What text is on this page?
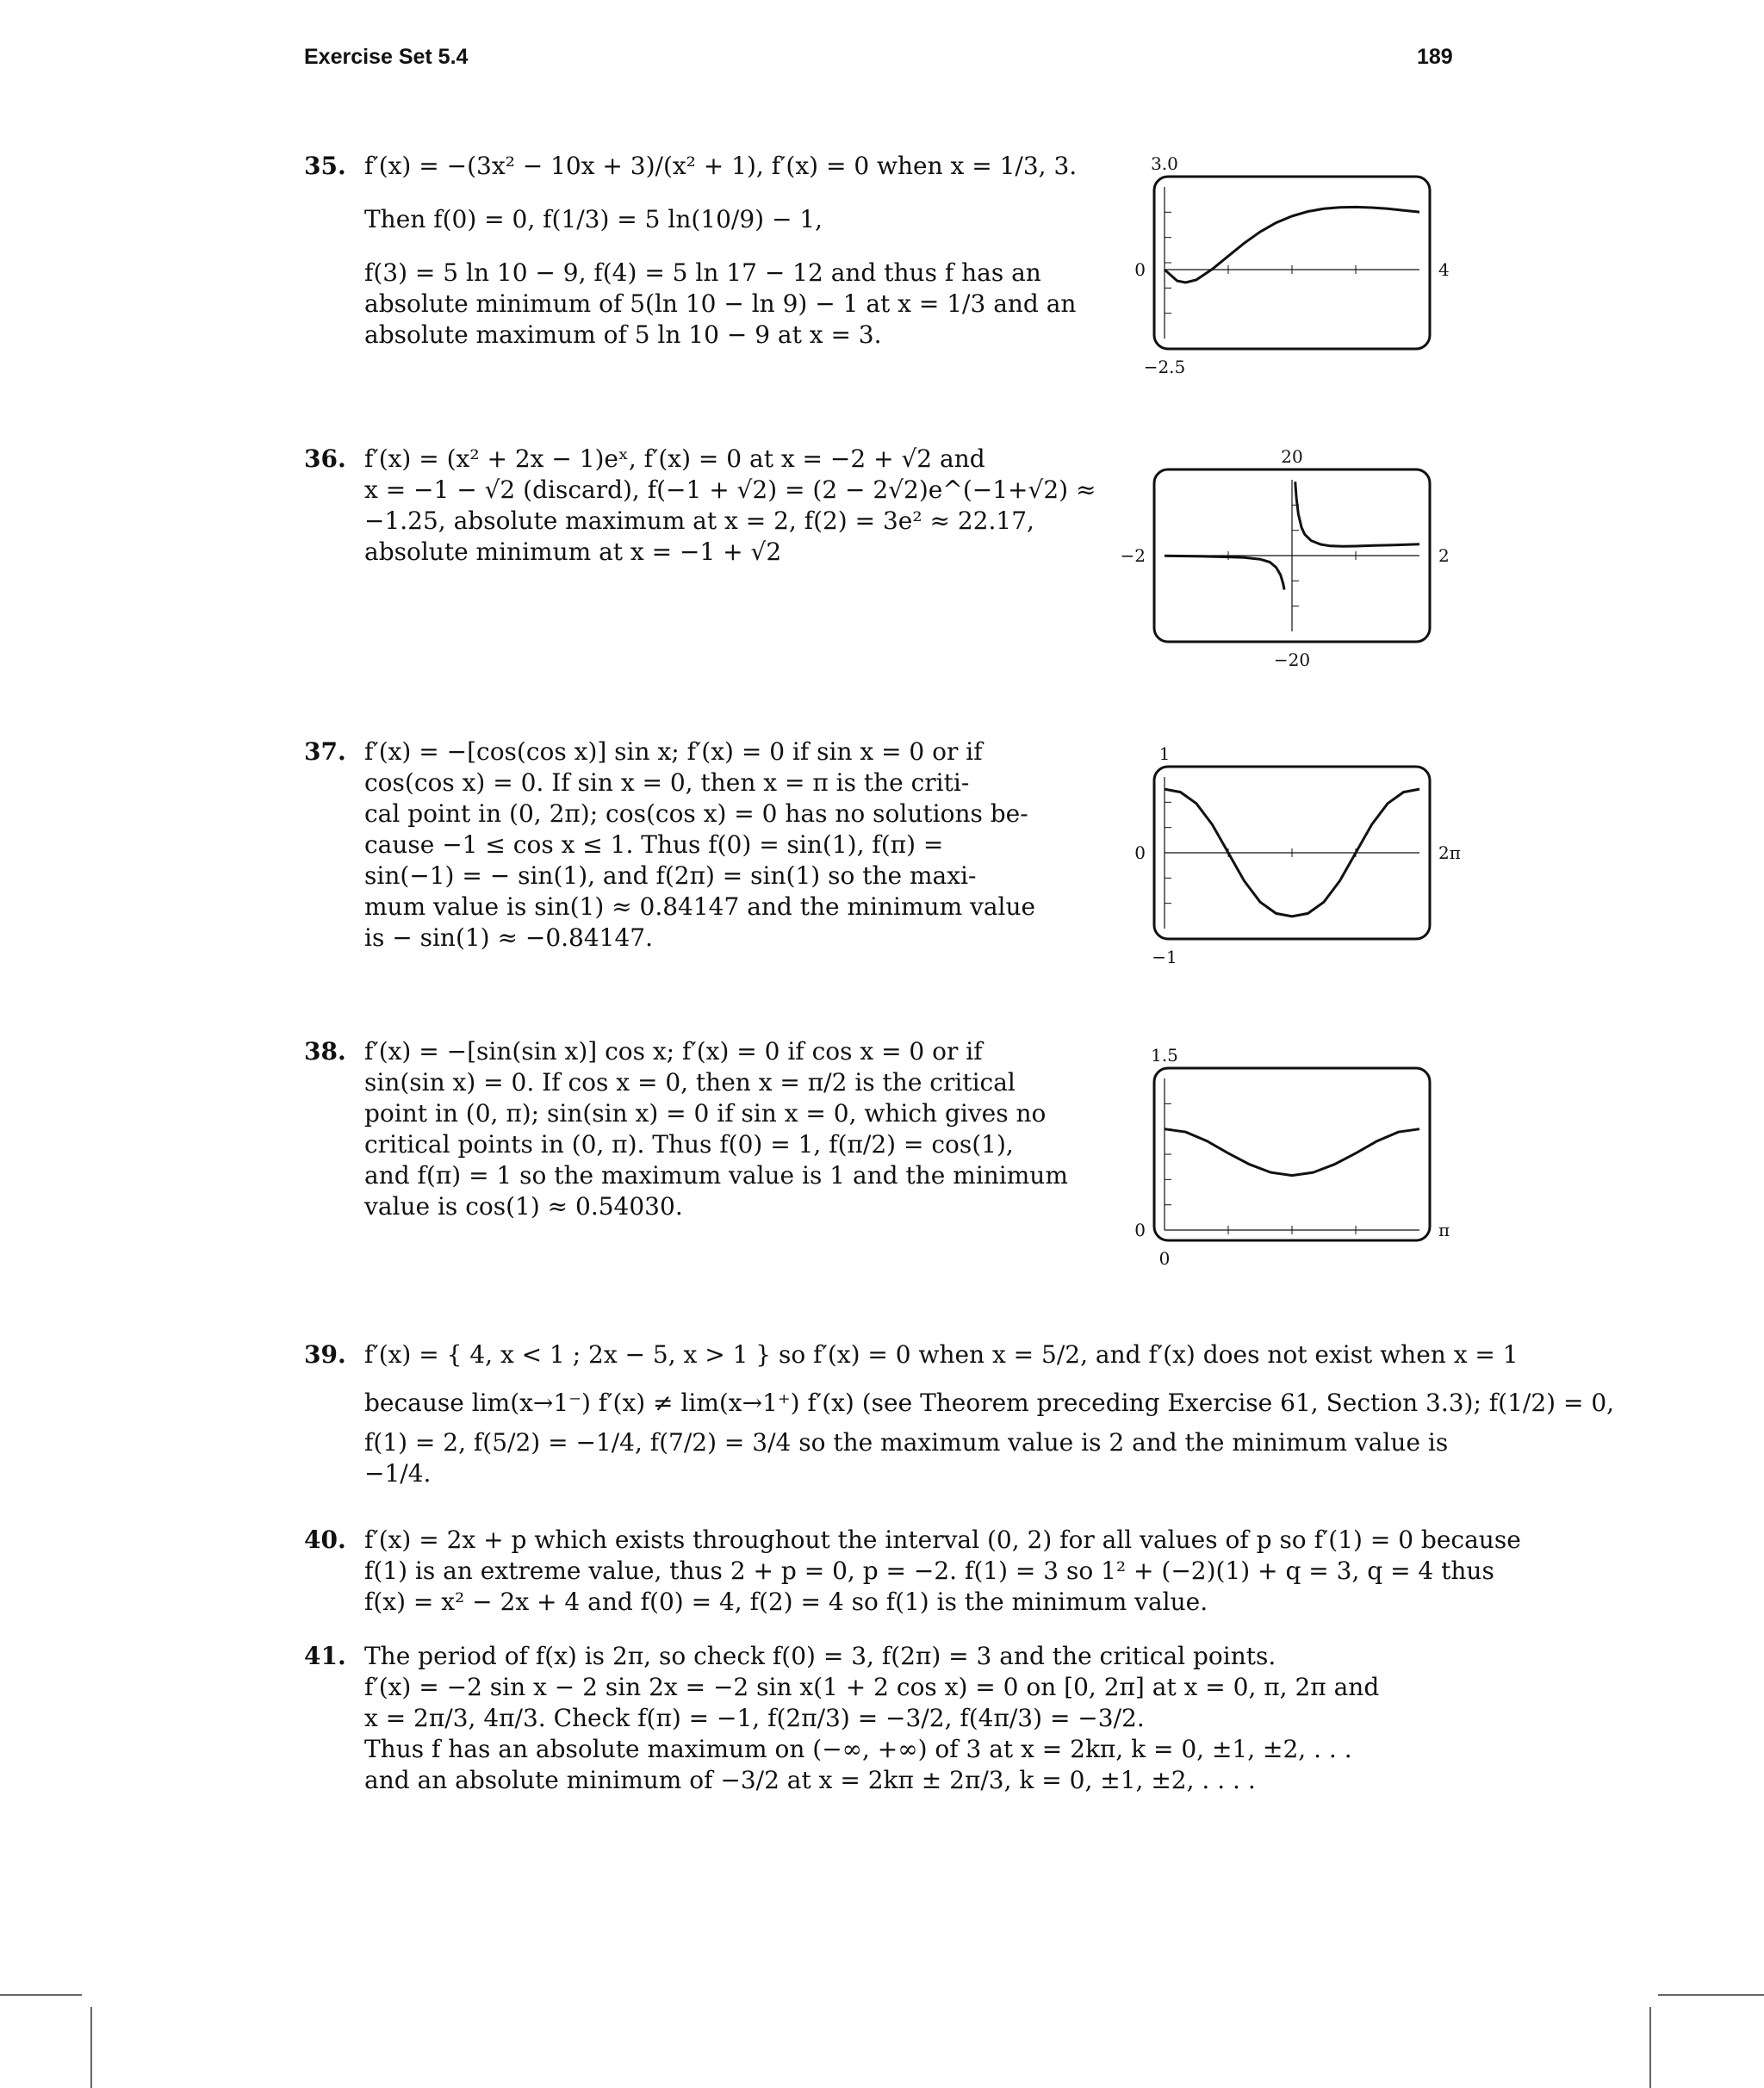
Exercise Set 5.4	189
35. f′(x) = −(3x² − 10x + 3)/(x² + 1), f′(x) = 0 when x = 1/3, 3.
Then f(0) = 0, f(1/3) = 5 ln(10/9) − 1,
f(3) = 5 ln 10 − 9, f(4) = 5 ln 17 − 12 and thus f has an
absolute minimum of 5(ln 10 − ln 9) − 1 at x = 1/3 and an
absolute maximum of 5 ln 10 − 9 at x = 3.
36. f′(x) = (x² + 2x − 1)eˣ, f′(x) = 0 at x = −2 + √2 and
x = −1 − √2 (discard), f(−1 + √2) = (2 − 2√2)e^(−1+√2) ≈
−1.25, absolute maximum at x = 2, f(2) = 3e² ≈ 22.17,
absolute minimum at x = −1 + √2
37. f′(x) = −[cos(cos x)] sin x; f′(x) = 0 if sin x = 0 or if
cos(cos x) = 0. If sin x = 0, then x = π is the criti-
cal point in (0, 2π); cos(cos x) = 0 has no solutions be-
cause −1 ≤ cos x ≤ 1. Thus f(0) = sin(1), f(π) =
sin(−1) = − sin(1), and f(2π) = sin(1) so the maxi-
mum value is sin(1) ≈ 0.84147 and the minimum value
is − sin(1) ≈ −0.84147.
38. f′(x) = −[sin(sin x)] cos x; f′(x) = 0 if cos x = 0 or if
sin(sin x) = 0. If cos x = 0, then x = π/2 is the critical
point in (0, π); sin(sin x) = 0 if sin x = 0, which gives no
critical points in (0, π). Thus f(0) = 1, f(π/2) = cos(1),
and f(π) = 1 so the maximum value is 1 and the minimum
value is cos(1) ≈ 0.54030.
39. f′(x) = { 4, x < 1 ; 2x − 5, x > 1 } so f′(x) = 0 when x = 5/2, and f′(x) does not exist when x = 1
because lim(x→1⁻) f′(x) ≠ lim(x→1⁺) f′(x) (see Theorem preceding Exercise 61, Section 3.3); f(1/2) = 0,
f(1) = 2, f(5/2) = −1/4, f(7/2) = 3/4 so the maximum value is 2 and the minimum value is
−1/4.
40. f′(x) = 2x + p which exists throughout the interval (0, 2) for all values of p so f′(1) = 0 because
f(1) is an extreme value, thus 2 + p = 0, p = −2. f(1) = 3 so 1² + (−2)(1) + q = 3, q = 4 thus
f(x) = x² − 2x + 4 and f(0) = 4, f(2) = 4 so f(1) is the minimum value.
41. The period of f(x) is 2π, so check f(0) = 3, f(2π) = 3 and the critical points.
f′(x) = −2 sin x − 2 sin 2x = −2 sin x(1 + 2 cos x) = 0 on [0, 2π] at x = 0, π, 2π and
x = 2π/3, 4π/3. Check f(π) = −1, f(2π/3) = −3/2, f(4π/3) = −3/2.
Thus f has an absolute maximum on (−∞, +∞) of 3 at x = 2kπ, k = 0, ±1, ±2, . . .
and an absolute minimum of −3/2 at x = 2kπ ± 2π/3, k = 0, ±1, ±2, . . . .
3.0
−2.5
0	4
20
−20
−2	2
1
−1
0	2π
1.5
0
0	π
